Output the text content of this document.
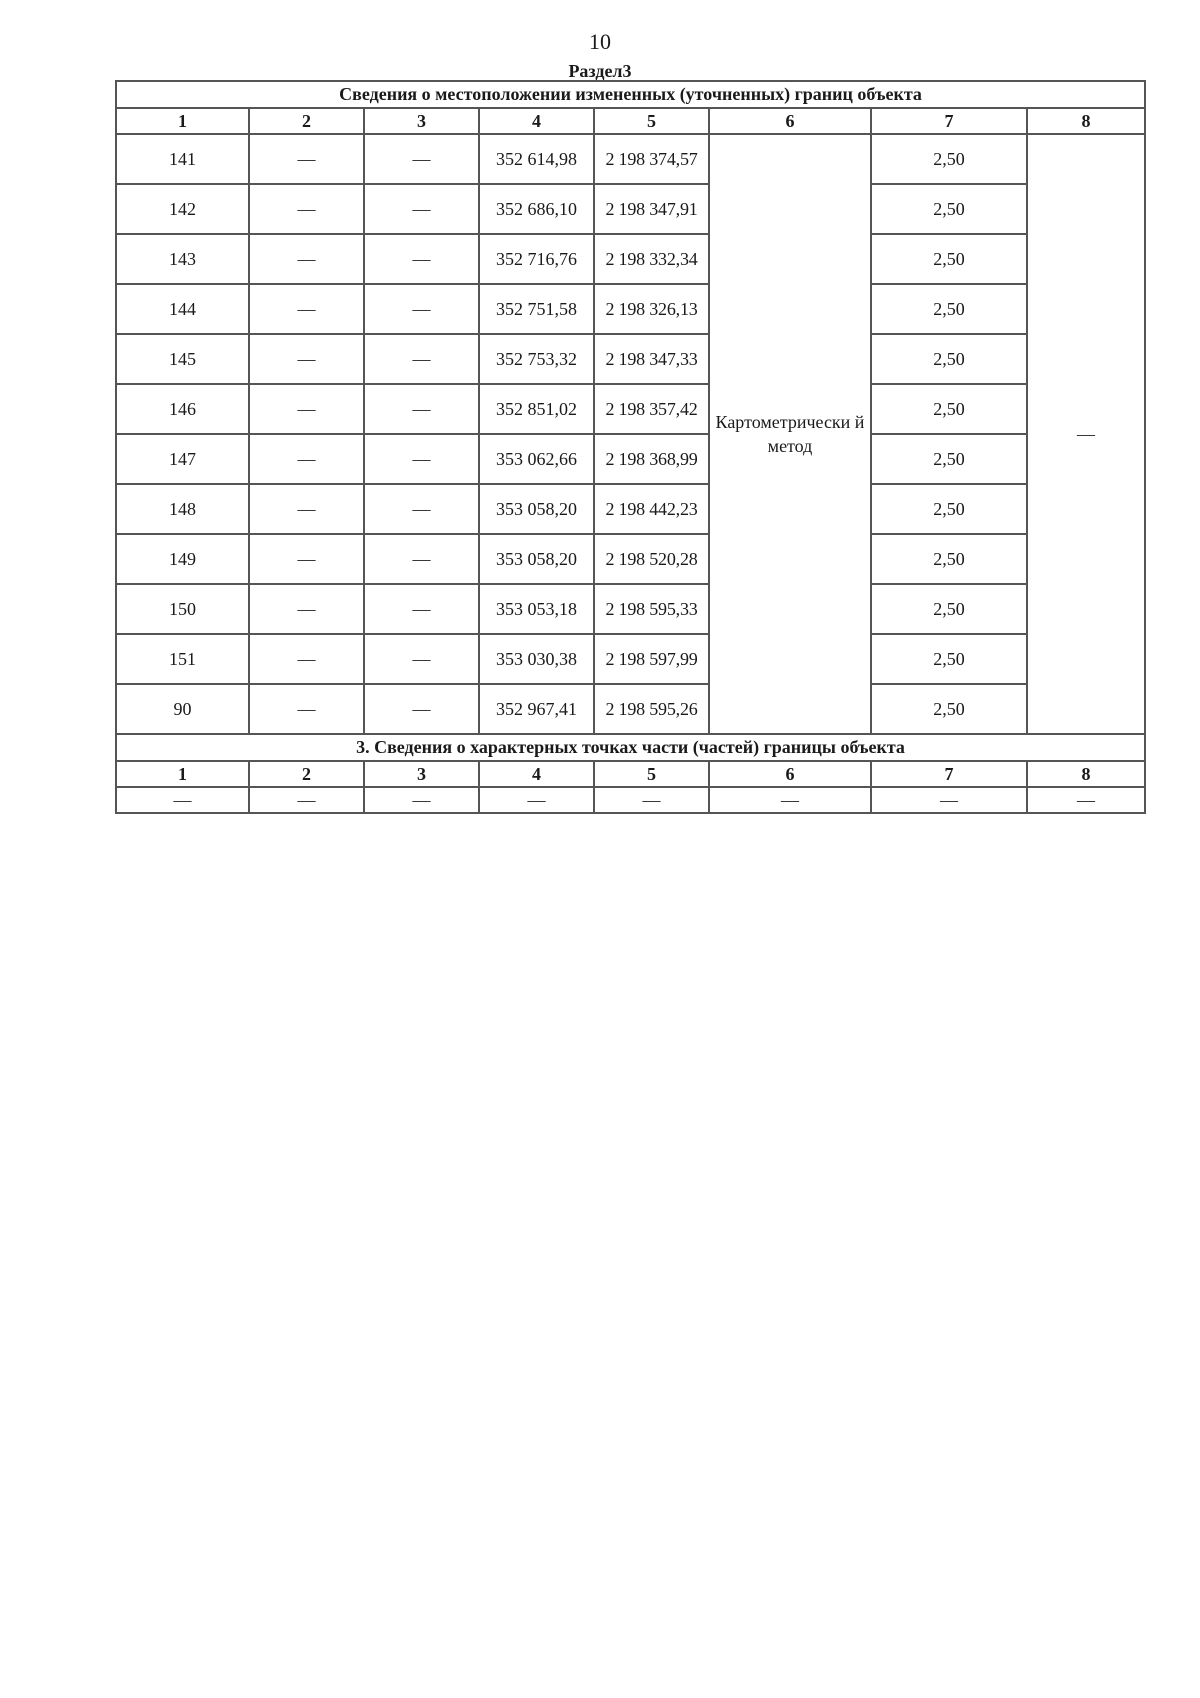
10
Раздел3
Сведения о местоположении измененных (уточненных) границ объекта							
1	2	3	4	5	6	7	8
141	—	—	352 614,98	2 198 374,57	Картометрически й метод	2,50	—
142	—	—	352 686,10	2 198 347,91		2,50	
143	—	—	352 716,76	2 198 332,34		2,50	
144	—	—	352 751,58	2 198 326,13		2,50	
145	—	—	352 753,32	2 198 347,33		2,50	
146	—	—	352 851,02	2 198 357,42		2,50	
147	—	—	353 062,66	2 198 368,99		2,50	
148	—	—	353 058,20	2 198 442,23		2,50	
149	—	—	353 058,20	2 198 520,28		2,50	
150	—	—	353 053,18	2 198 595,33		2,50	
151	—	—	353 030,38	2 198 597,99		2,50	
90	—	—	352 967,41	2 198 595,26		2,50	
3. Сведения о характерных точках части (частей) границы объекта							
1	2	3	4	5	6	7	8
—	—	—	—	—	—	—	—
